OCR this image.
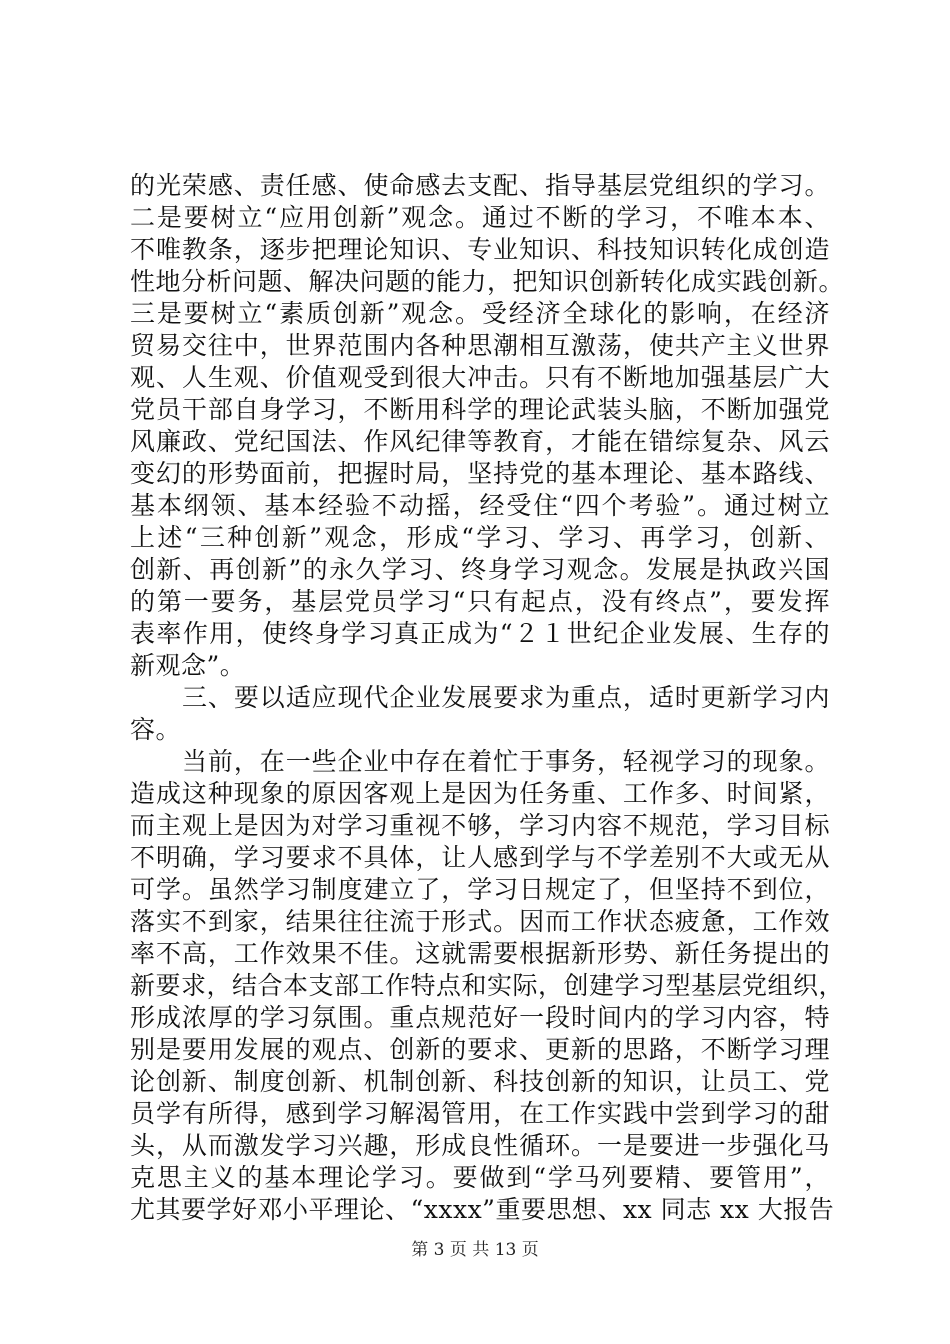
的光荣感、责任感、使命感去支配、指导基层党组织的学习。
二是要树立“应用创新”观念。通过不断的学习，不唯本本、
不唯教条，逐步把理论知识、专业知识、科技知识转化成创造
性地分析问题、解决问题的能力，把知识创新转化成实践创新。
三是要树立“素质创新”观念。受经济全球化的影响，在经济
贸易交往中，世界范围内各种思潮相互激荡，使共产主义世界
观、人生观、价值观受到很大冲击。只有不断地加强基层广大
党员干部自身学习，不断用科学的理论武装头脑，不断加强党
风廉政、党纪国法、作风纪律等教育，才能在错综复杂、风云
变幻的形势面前，把握时局，坚持党的基本理论、基本路线、
基本纲领、基本经验不动摇，经受住“四个考验”。通过树立
上述“三种创新”观念，形成“学习、学习、再学习，创新、
创新、再创新”的永久学习、终身学习观念。发展是执政兴国
的第一要务，基层党员学习“只有起点，没有终点”，要发挥
表率作用，使终身学习真正成为“２１世纪企业发展、生存的
新观念”。
三、要以适应现代企业发展要求为重点，适时更新学习内
容。
当前，在一些企业中存在着忙于事务，轻视学习的现象。
造成这种现象的原因客观上是因为任务重、工作多、时间紧，
而主观上是因为对学习重视不够，学习内容不规范，学习目标
不明确，学习要求不具体，让人感到学与不学差别不大或无从
可学。虽然学习制度建立了，学习日规定了，但坚持不到位，
落实不到家，结果往往流于形式。因而工作状态疲惫，工作效
率不高，工作效果不佳。这就需要根据新形势、新任务提出的
新要求，结合本支部工作特点和实际，创建学习型基层党组织，
形成浓厚的学习氛围。重点规范好一段时间内的学习内容，特
别是要用发展的观点、创新的要求、更新的思路，不断学习理
论创新、制度创新、机制创新、科技创新的知识，让员工、党
员学有所得，感到学习解渴管用，在工作实践中尝到学习的甜
头，从而激发学习兴趣，形成良性循环。一是要进一步强化马
克思主义的基本理论学习。要做到“学马列要精、要管用”，
尤其要学好邓小平理论、“xxxx”重要思想、xx 同志 xx 大报告
第 3 页 共 13 页
